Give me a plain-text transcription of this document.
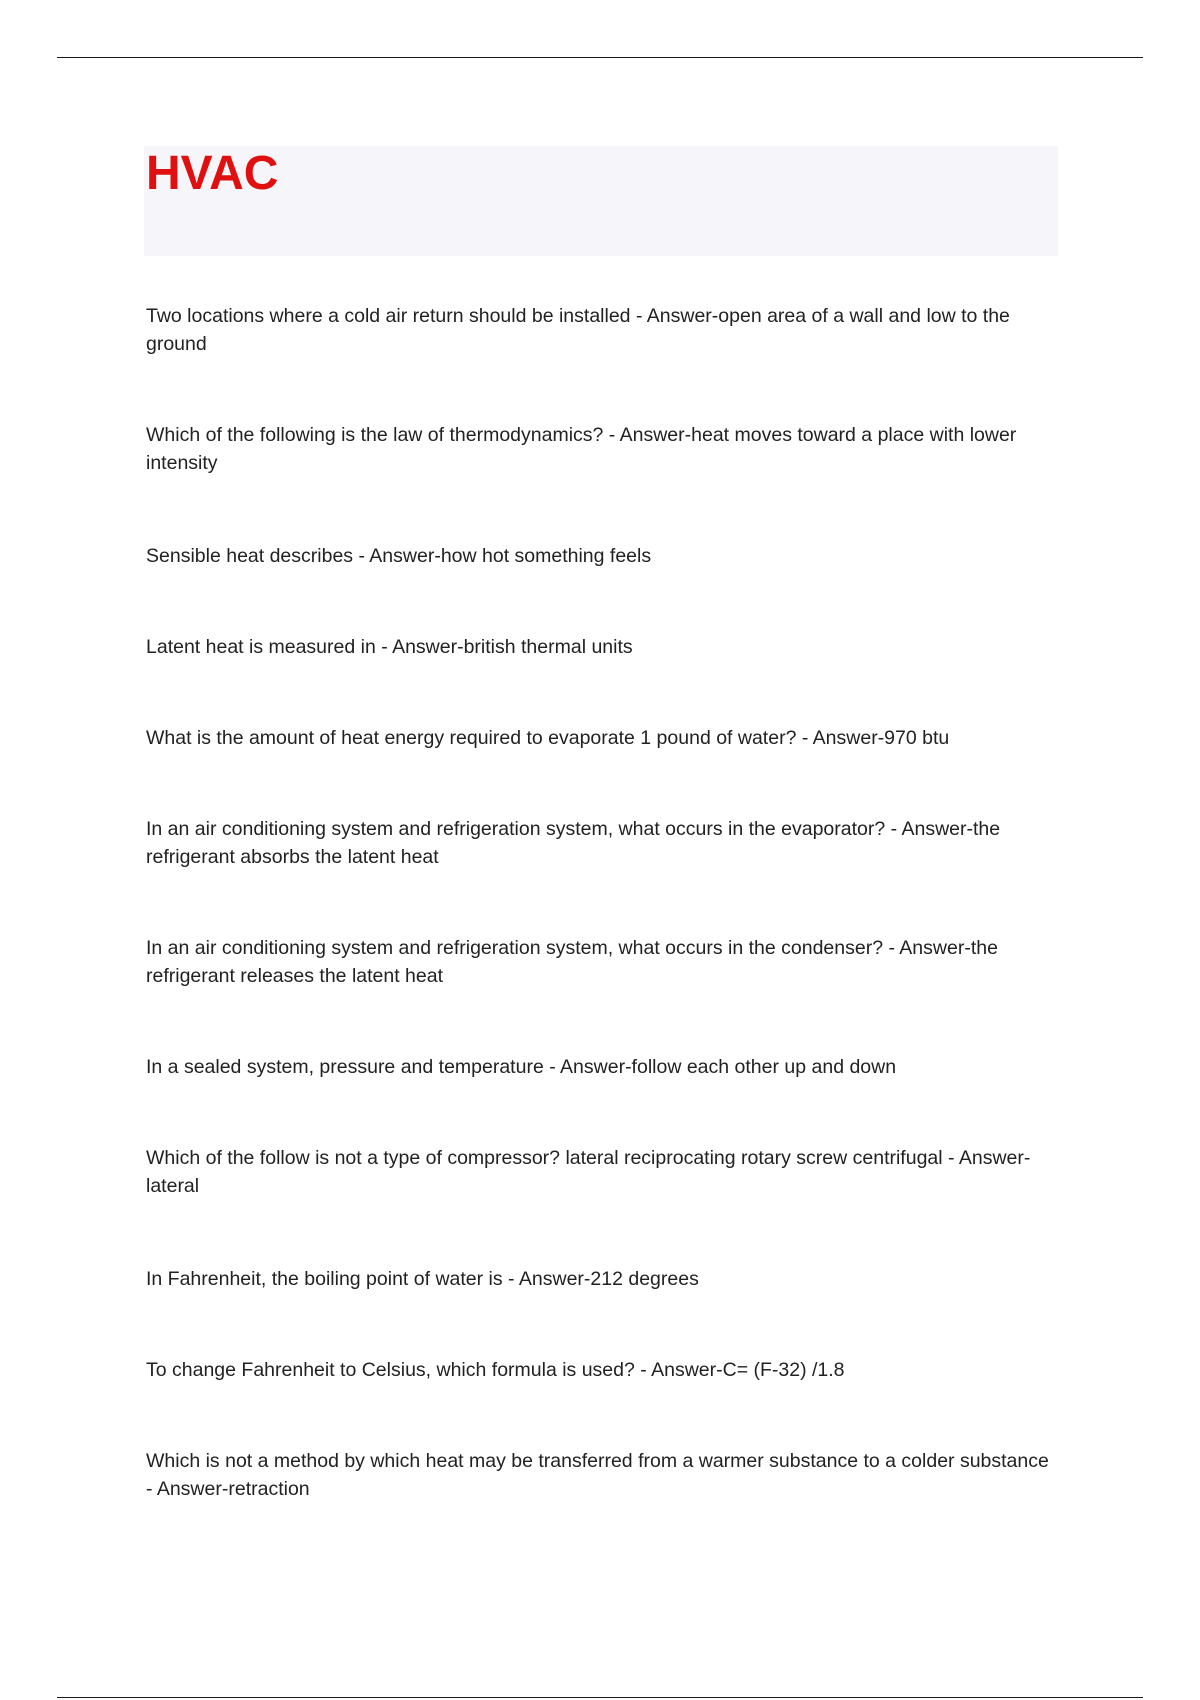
HVAC
Two locations where a cold air return should be installed - Answer-open area of a wall and low to the ground
Which of the following is the law of thermodynamics? - Answer-heat moves toward a place with lower intensity
Sensible heat describes - Answer-how hot something feels
Latent heat is measured in - Answer-british thermal units
What is the amount of heat energy required to evaporate 1 pound of water? - Answer-970 btu
In an air conditioning system and refrigeration system, what occurs in the evaporator? - Answer-the refrigerant absorbs the latent heat
In an air conditioning system and refrigeration system, what occurs in the condenser? - Answer-the refrigerant releases the latent heat
In a sealed system, pressure and temperature - Answer-follow each other up and down
Which of the follow is not a type of compressor? lateral reciprocating rotary screw centrifugal - Answer-lateral
In Fahrenheit, the boiling point of water is - Answer-212 degrees
To change Fahrenheit to Celsius, which formula is used? - Answer-C= (F-32) /1.8
Which is not a method by which heat may be transferred from a warmer substance to a colder substance - Answer-retraction
